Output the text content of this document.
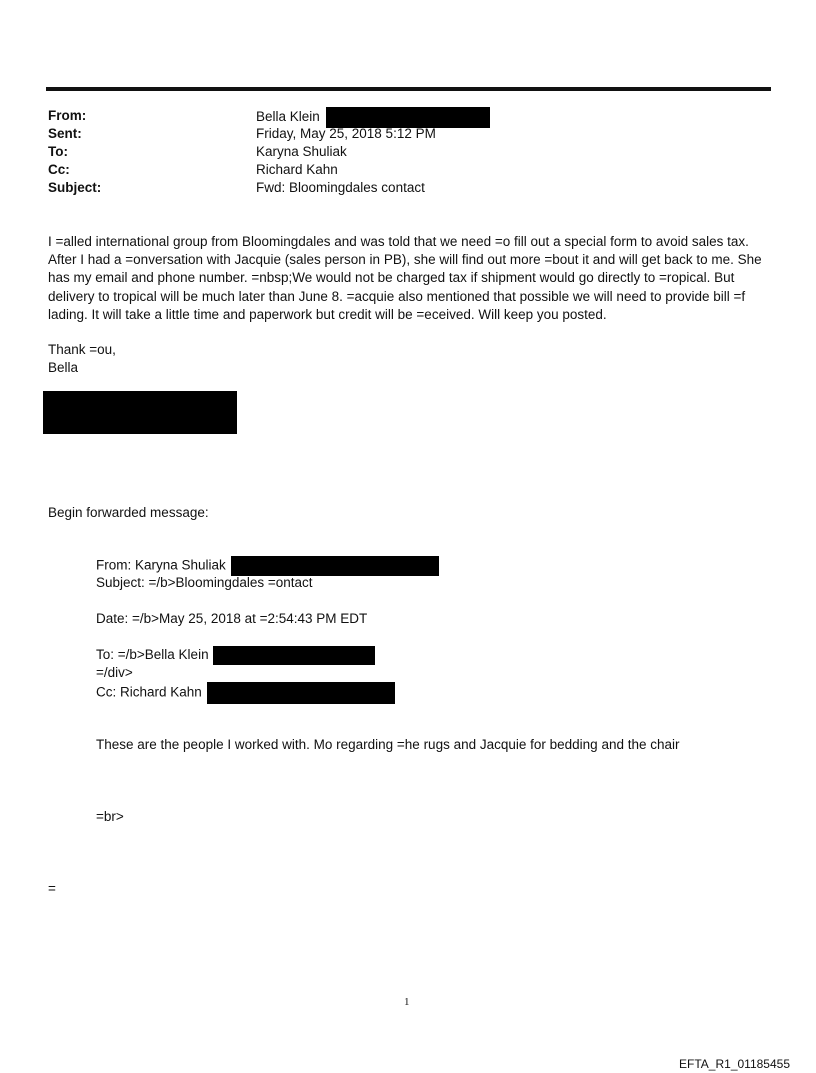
From:	Bella Klein
Sent:	Friday, May 25, 2018 5:12 PM
To:	Karyna Shuliak
Cc:	Richard Kahn
Subject:	Fwd: Bloomingdales contact

I =alled international group from Bloomingdales and was told that we need =o fill out a special form to avoid sales tax.

After I had a =onversation with Jacquie (sales person in PB), she will find out more =bout it and will get back to me. She

has my email and phone number. =nbsp;We would not be charged tax if shipment would go directly to =ropical. But

delivery to tropical will be much later than June 8. =acquie also mentioned that possible we will need to provide bill =f

lading. It will take a little time and paperwork but credit will be =eceived. Will keep you posted.

Thank =ou,

Bella

Begin forwarded message:

From: Karyna Shuliak

Subject: =/b>Bloomingdales =ontact

Date: =/b>May 25, 2018 at =2:54:43 PM EDT

To: =/b>Bella Klein

=/div>

Cc: Richard Kahn

These are the people I worked with. Mo regarding =he rugs and Jacquie for bedding and the chair

=br>

=

1
EFTA_R1_01185455
